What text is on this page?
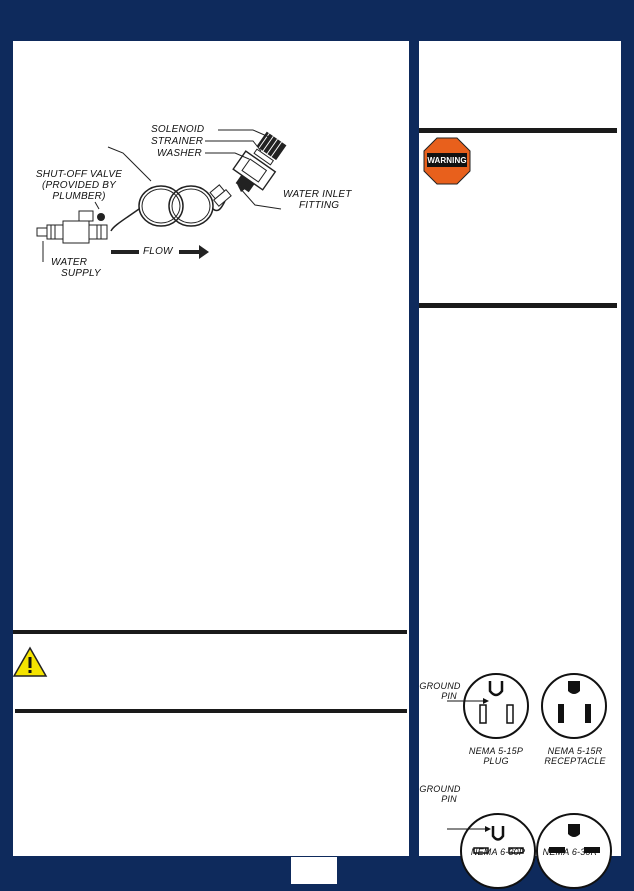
SOLENOID
STRAINER
WASHER
SHUT-OFF VALVE
(PROVIDED BY
PLUMBER)	WATER INLET
FITTING
FLOW
WATER
SUPPLY
WARNING
GROUND
PIN
NEMA 5-15P
PLUG
NEMA 5-15R
RECEPTACLE
GROUND
PIN
NEMA 6-30P	NEMA 6-30R
